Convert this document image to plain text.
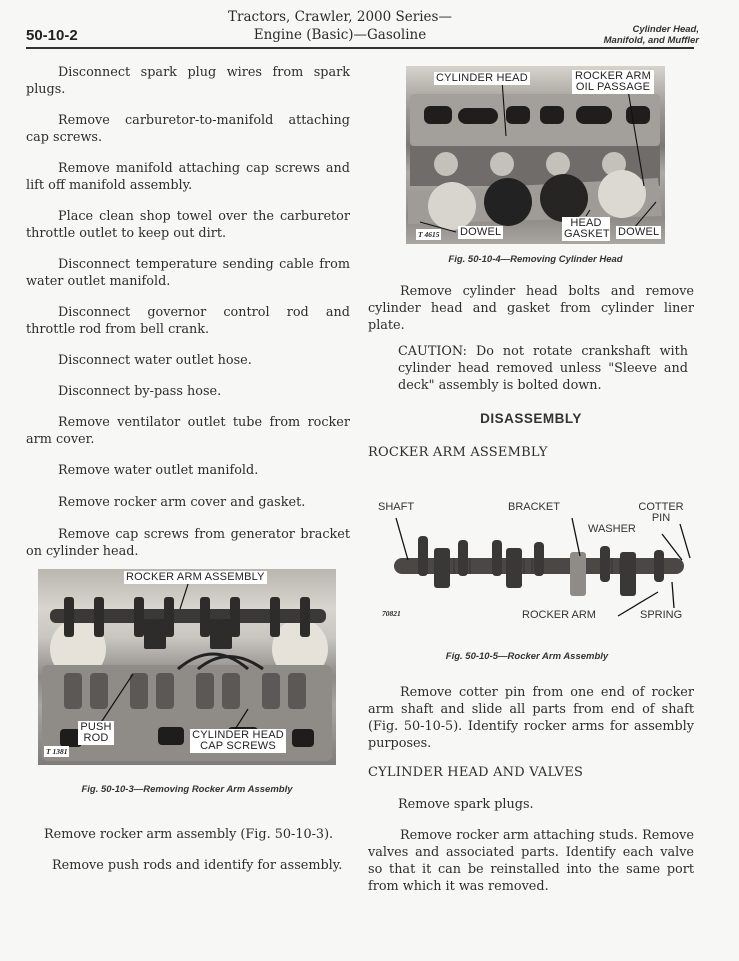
50-10-2
Tractors, Crawler, 2000 Series—
Engine (Basic)—Gasoline	Cylinder Head,
Manifold, and Muffler
Disconnect spark plug wires from spark plugs.
Remove carburetor-to-manifold attaching cap screws.
Remove manifold attaching cap screws and lift off manifold assembly.
Place clean shop towel over the carburetor throttle outlet to keep out dirt.
Disconnect temperature sending cable from water outlet manifold.
Disconnect governor control rod and throttle rod from bell crank.
Disconnect water outlet hose.
Disconnect by-pass hose.
Remove ventilator outlet tube from rocker arm cover.
Remove water outlet manifold.
Remove rocker arm cover and gasket.
Remove cap screws from generator bracket on cylinder head.
ROCKER ARM ASSEMBLY
PUSH ROD	CYLINDER HEAD CAP SCREWS
T 1381
Fig. 50-10-3—Removing Rocker Arm Assembly
Remove rocker arm assembly (Fig. 50-10-3).
Remove push rods and identify for assembly.
CYLINDER HEAD	ROCKER ARM OIL PASSAGE
DOWEL
HEAD GASKET DOWEL
T 4615
Fig. 50-10-4—Removing Cylinder Head
Remove cylinder head bolts and remove cylinder head and gasket from cylinder liner plate.
CAUTION: Do not rotate crankshaft with cylinder head removed unless "Sleeve and deck" assembly is bolted down.
DISASSEMBLY
ROCKER ARM ASSEMBLY
SHAFT	BRACKET	COTTER PIN
WASHER
ROCKER ARM	SPRING
70821
Fig. 50-10-5—Rocker Arm Assembly
Remove cotter pin from one end of rocker arm shaft and slide all parts from end of shaft (Fig. 50-10-5). Identify rocker arms for assembly purposes.
CYLINDER HEAD AND VALVES
Remove spark plugs.
Remove rocker arm attaching studs. Remove valves and associated parts. Identify each valve so that it can be reinstalled into the same port from which it was removed.
